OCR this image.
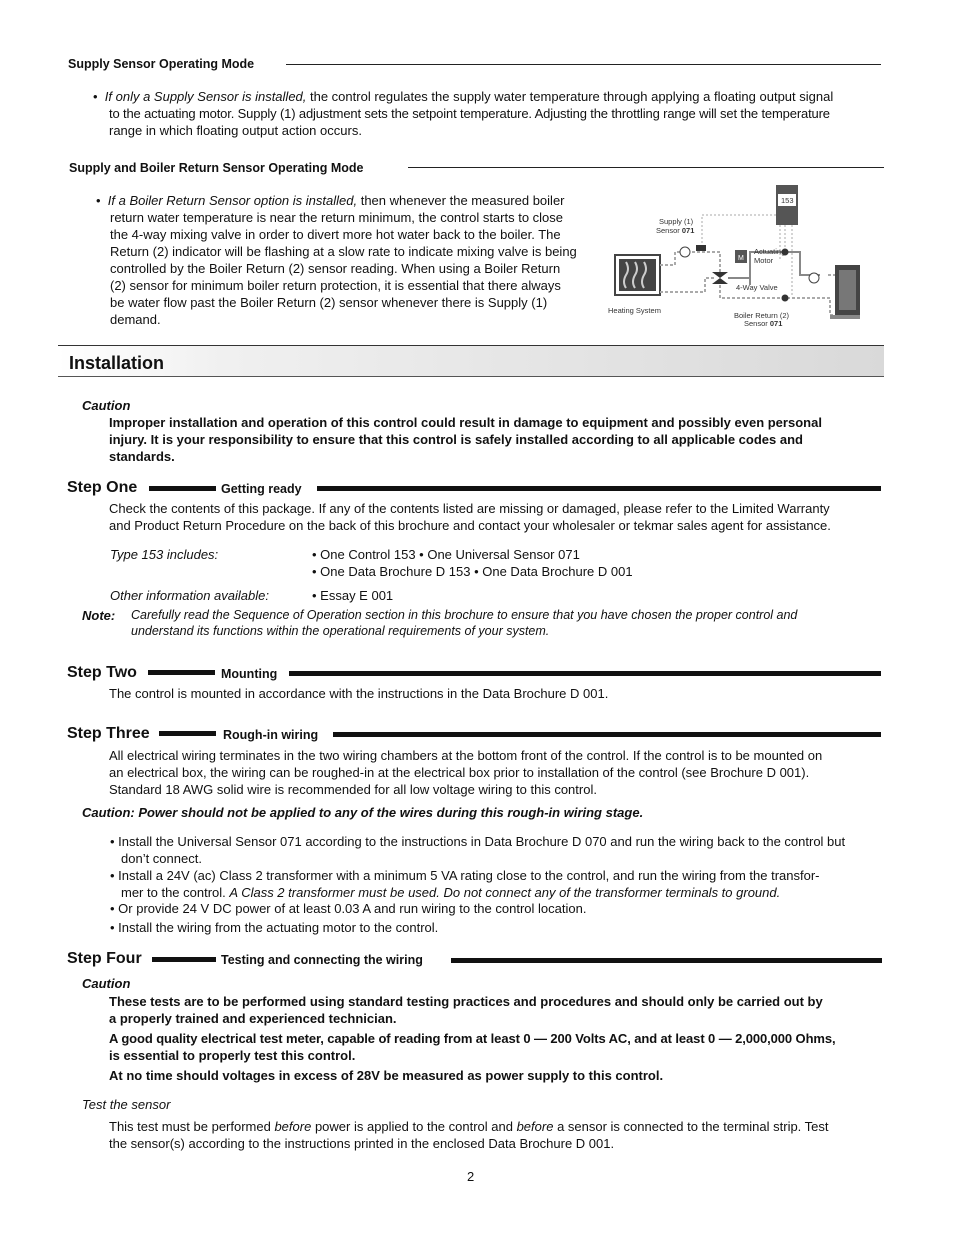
Supply Sensor Operating Mode
•  If only a Supply Sensor is installed, the control regulates the supply water temperature through applying a floating output signal
to the actuating motor. Supply (1) adjustment sets the setpoint temperature. Adjusting the throttling range will set the temperature
range in which floating output action occurs.
Supply and Boiler Return Sensor Operating Mode
•  If a Boiler Return Sensor option is installed, then whenever the measured boiler
return water temperature is near the return minimum, the control starts to close
the 4-way mixing valve in order to divert more hot water back to the boiler. The
Return (2) indicator will be flashing at a slow rate to indicate mixing valve is being
controlled by the Boiler Return (2) sensor reading. When using a Boiler Return
(2) sensor for minimum boiler return protection, it is essential that there always
be water flow past the Boiler Return (2) sensor whenever there is Supply (1)
demand.
153
M
Supply (1)
Sensor 071
Actuating
Motor
4-Way Valve
Heating System
Boiler Return (2)
Sensor 071
Installation
Caution
Improper installation and operation of this control could result in damage to equipment and possibly even personal
injury. It is your responsibility to ensure that this control is safely installed according to all applicable codes and
standards.
Step One	Getting ready
Check the contents of this package. If any of the contents listed are missing or damaged, please refer to the Limited Warranty
and Product Return Procedure on the back of this brochure and contact your wholesaler or tekmar sales agent for assistance.
Type 153 includes:	• One Control 153 • One Universal Sensor 071
• One Data Brochure D 153 • One Data Brochure D 001
Other information available:	• Essay E 001
Note: Carefully read the Sequence of Operation section in this brochure to ensure that you have chosen the proper control and
understand its functions within the operational requirements of your system.
Step Two	Mounting
The control is mounted in accordance with the instructions in the Data Brochure D 001.
Step Three	Rough-in wiring
All electrical wiring terminates in the two wiring chambers at the bottom front of the control. If the control is to be mounted on
an electrical box, the wiring can be roughed-in at the electrical box prior to installation of the control (see Brochure D 001).
Standard 18 AWG solid wire is recommended for all low voltage wiring to this control.
Caution: Power should not be applied to any of the wires during this rough-in wiring stage.
• Install the Universal Sensor 071 according to the instructions in Data Brochure D 070 and run the wiring back to the control but
don’t connect.
• Install a 24V (ac) Class 2 transformer with a minimum 5 VA rating close to the control, and run the wiring from the transfor-
mer to the control. A Class 2 transformer must be used. Do not connect any of the transformer terminals to ground.
• Or provide 24 V DC power of at least 0.03 A and run wiring to the control location.
• Install the wiring from the actuating motor to the control.
Step Four	Testing and connecting the wiring
Caution
These tests are to be performed using standard testing practices and procedures and should only be carried out by
a properly trained and experienced technician.
A good quality electrical test meter, capable of reading from at least 0 — 200 Volts AC, and at least 0 — 2,000,000 Ohms,
is essential to properly test this control.
At no time should voltages in excess of 28V be measured as power supply to this control.
Test the sensor
This test must be performed before power is applied to the control and before a sensor is connected to the terminal strip. Test
the sensor(s) according to the instructions printed in the enclosed Data Brochure D 001.
2
